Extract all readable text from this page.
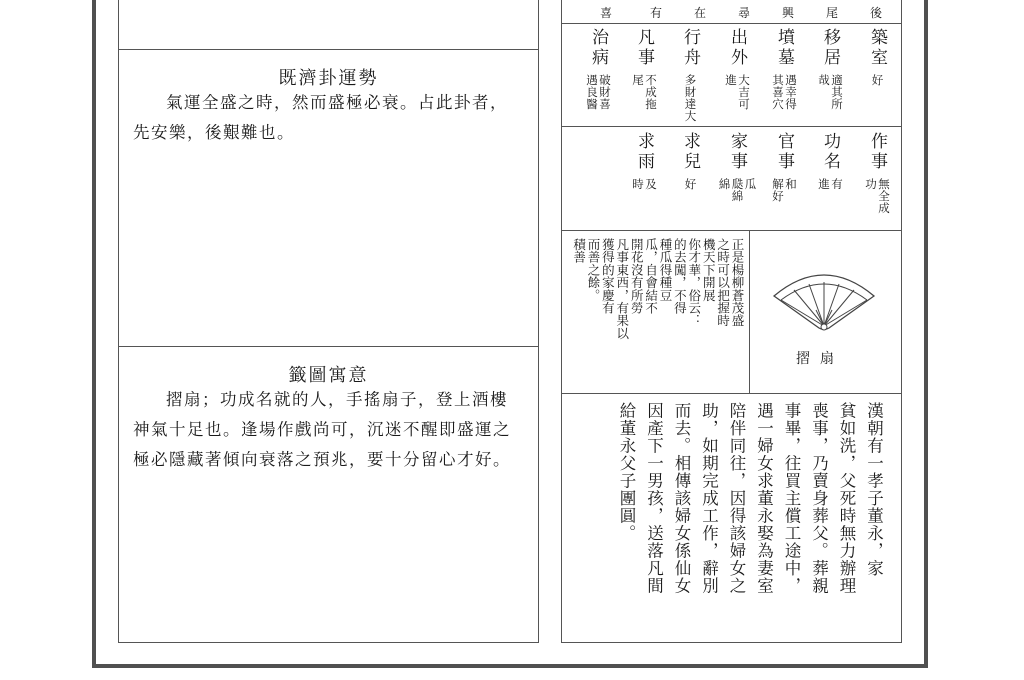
既濟卦運勢
氣運全盛之時，然而盛極必衰。占此卦者，先安樂，後艱難也。
籤圖寓意
摺扇；功成名就的人，手搖扇子，登上酒樓神氣十足也。逢場作戲尚可，沉迷不醒即盛運之極必隱藏著傾向衰落之預兆，要十分留心才好。
後
尾
興
尋
在
有
喜
築室
好
移居
適其所
哉
墳墓
遇幸得
其喜穴
出外
大吉可
進
行舟
多財達大
凡事
不成拖
尾
治病
破財喜
遇良醫
作事
無全成
功
功名
有
進
官事
和
解好
家事
瓜
瓞綿
綿
求兒
好
求雨
及
時
正是楊柳蒼茂盛
之時可以把握時
機天下開展
你才華，俗云：
的去闖，不得
種瓜得種豆
瓜，自會結不
開花沒有所勞
凡事東西，有果以
獲得的家慶有
而善之餘。
積善
摺扇
漢朝有一孝子董永，家
貧如洗，父死時無力辦理
喪事，乃賣身葬父。葬親
事畢，往買主償工途中，
遇一婦女求董永娶為妻室
陪伴同往，因得該婦女之
助，如期完成工作，辭別
而去。相傳該婦女係仙女
因產下一男孩，送落凡間
給董永父子團圓。
